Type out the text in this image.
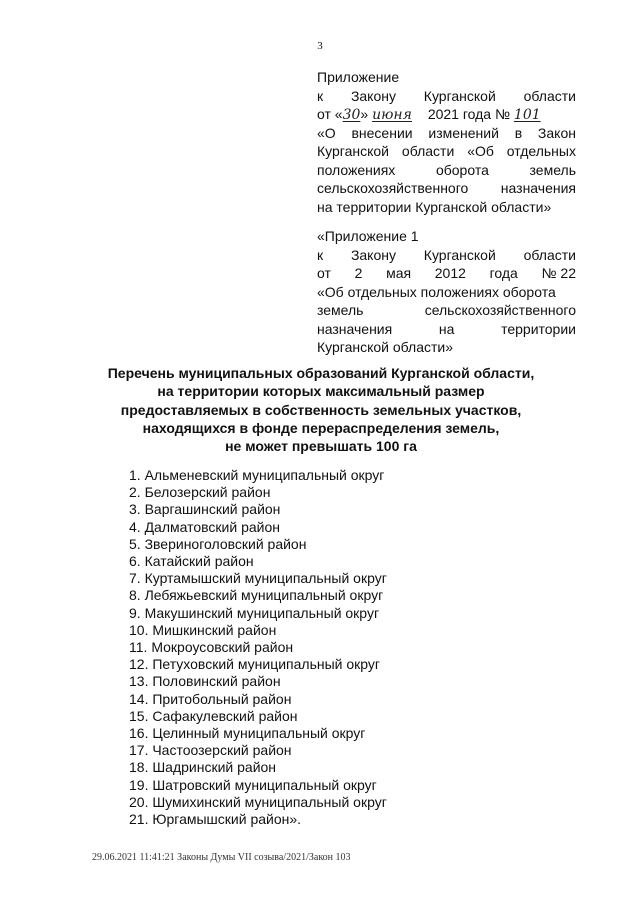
3
Приложение
к Закону Курганской области
от «30» июня 2021 года № 101
«О внесении изменений в Закон
Курганской области «Об отдельных
положениях	оборота	земель
сельскохозяйственного назначения
на территории Курганской области»
«Приложение 1
к Закону Курганской области
от 2 мая 2012 года № 22
«Об отдельных положениях оборота
земель	сельскохозяйственного
назначения	на	территории
Курганской области»
Перечень муниципальных образований Курганской области,
на территории которых максимальный размер
предоставляемых в собственность земельных участков,
находящихся в фонде перераспределения земель,
не может превышать 100 га
1. Альменевский муниципальный округ
2. Белозерский район
3. Варгашинский район
4. Далматовский район
5. Звериноголовский район
6. Катайский район
7. Куртамышский муниципальный округ
8. Лебяжьевский муниципальный округ
9. Макушинский муниципальный округ
10. Мишкинский район
11. Мокроусовский район
12. Петуховский муниципальный округ
13. Половинский район
14. Притобольный район
15. Сафакулевский район
16. Целинный муниципальный округ
17. Частоозерский район
18. Шадринский район
19. Шатровский муниципальный округ
20. Шумихинский муниципальный округ
21. Юргамышский район».
29.06.2021 11:41:21 Законы Думы VII созыва/2021/Закон 103
